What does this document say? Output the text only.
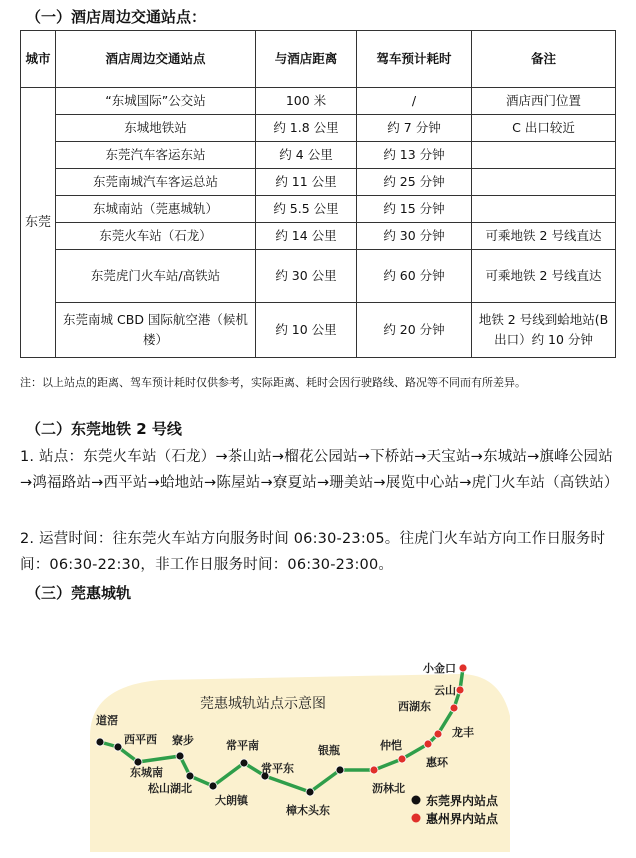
（一）酒店周边交通站点：
城市	酒店周边交通站点	与酒店距离	驾车预计耗时	备注
东莞	“东城国际”公交站	100 米	/	酒店西门位置
	东城地铁站	约 1.8 公里	约 7 分钟	C 出口较近
	东莞汽车客运东站	约 4 公里	约 13 分钟	
	东莞南城汽车客运总站	约 11 公里	约 25 分钟	
	东城南站（莞惠城轨）	约 5.5 公里	约 15 分钟	
	东莞火车站（石龙）	约 14 公里	约 30 分钟	可乘地铁 2 号线直达
	东莞虎门火车站/高铁站	约 30 公里	约 60 分钟	可乘地铁 2 号线直达
	东莞南城 CBD 国际航空港（候机楼）	约 10 公里	约 20 分钟	地铁 2 号线到蛤地站(B 出口）约 10 分钟
注：以上站点的距离、驾车预计耗时仅供参考，实际距离、耗时会因行驶路线、路况等不同而有所差异。
（二）东莞地铁 2 号线
1. 站点：东莞火车站（石龙）→茶山站→榴花公园站→下桥站→天宝站→东城站→旗峰公园站→鸿福路站→西平站→蛤地站→陈屋站→寮夏站→珊美站→展览中心站→虎门火车站（高铁站）
2. 运营时间：往东莞火车站方向服务时间 06:30-23:05。往虎门火车站方向工作日服务时间：06:30-22:30，非工作日服务时间：06:30-23:00。
（三）莞惠城轨
莞惠城轨站点示意图
道滘
西平西
东城南
寮步
松山湖北
大朗镇
常平南
常平东
樟木头东
银瓶
沥林北
仲恺
惠环
龙丰
西湖东
云山
小金口
东莞界内站点
惠州界内站点
